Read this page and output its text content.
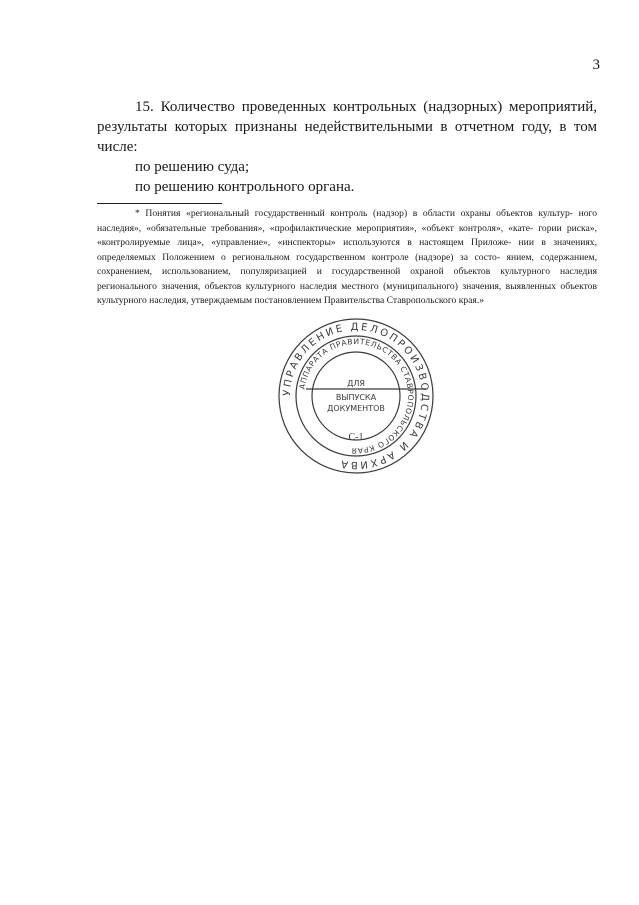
3

15. Количество проведенных контрольных (надзорных) мероприятий, результаты которых признаны недействительными в отчетном году, в том числе:

по решению суда;

по решению контрольного органа.

* Понятия «региональный государственный контроль (надзор) в области охраны объектов культур- ного наследия», «обязательные требования», «профилактические мероприятия», «объект контроля», «кате- гории риска», «контролируемые лица», «управление», «инспекторы» используются в настоящем Приложе- нии в значениях, определяемых Положением о региональном государственном контроле (надзоре) за состо- янием, содержанием, сохранением, использованием, популяризацией и государственной охраной объектов культурного наследия регионального значения, объектов культурного наследия местного (муниципального) значения, выявленных объектов культурного наследия, утверждаемым постановлением Правительства Ставропольского края.»

УПРАВЛЕНИЕ ДЕЛОПРОИЗВОДСТВА И АРХИВА
АППАРАТА ПРАВИТЕЛЬСТВА СТАВРОПОЛЬСКОГО КРАЯ
ДЛЯ
ВЫПУСКА
ДОКУМЕНТОВ
С-1
